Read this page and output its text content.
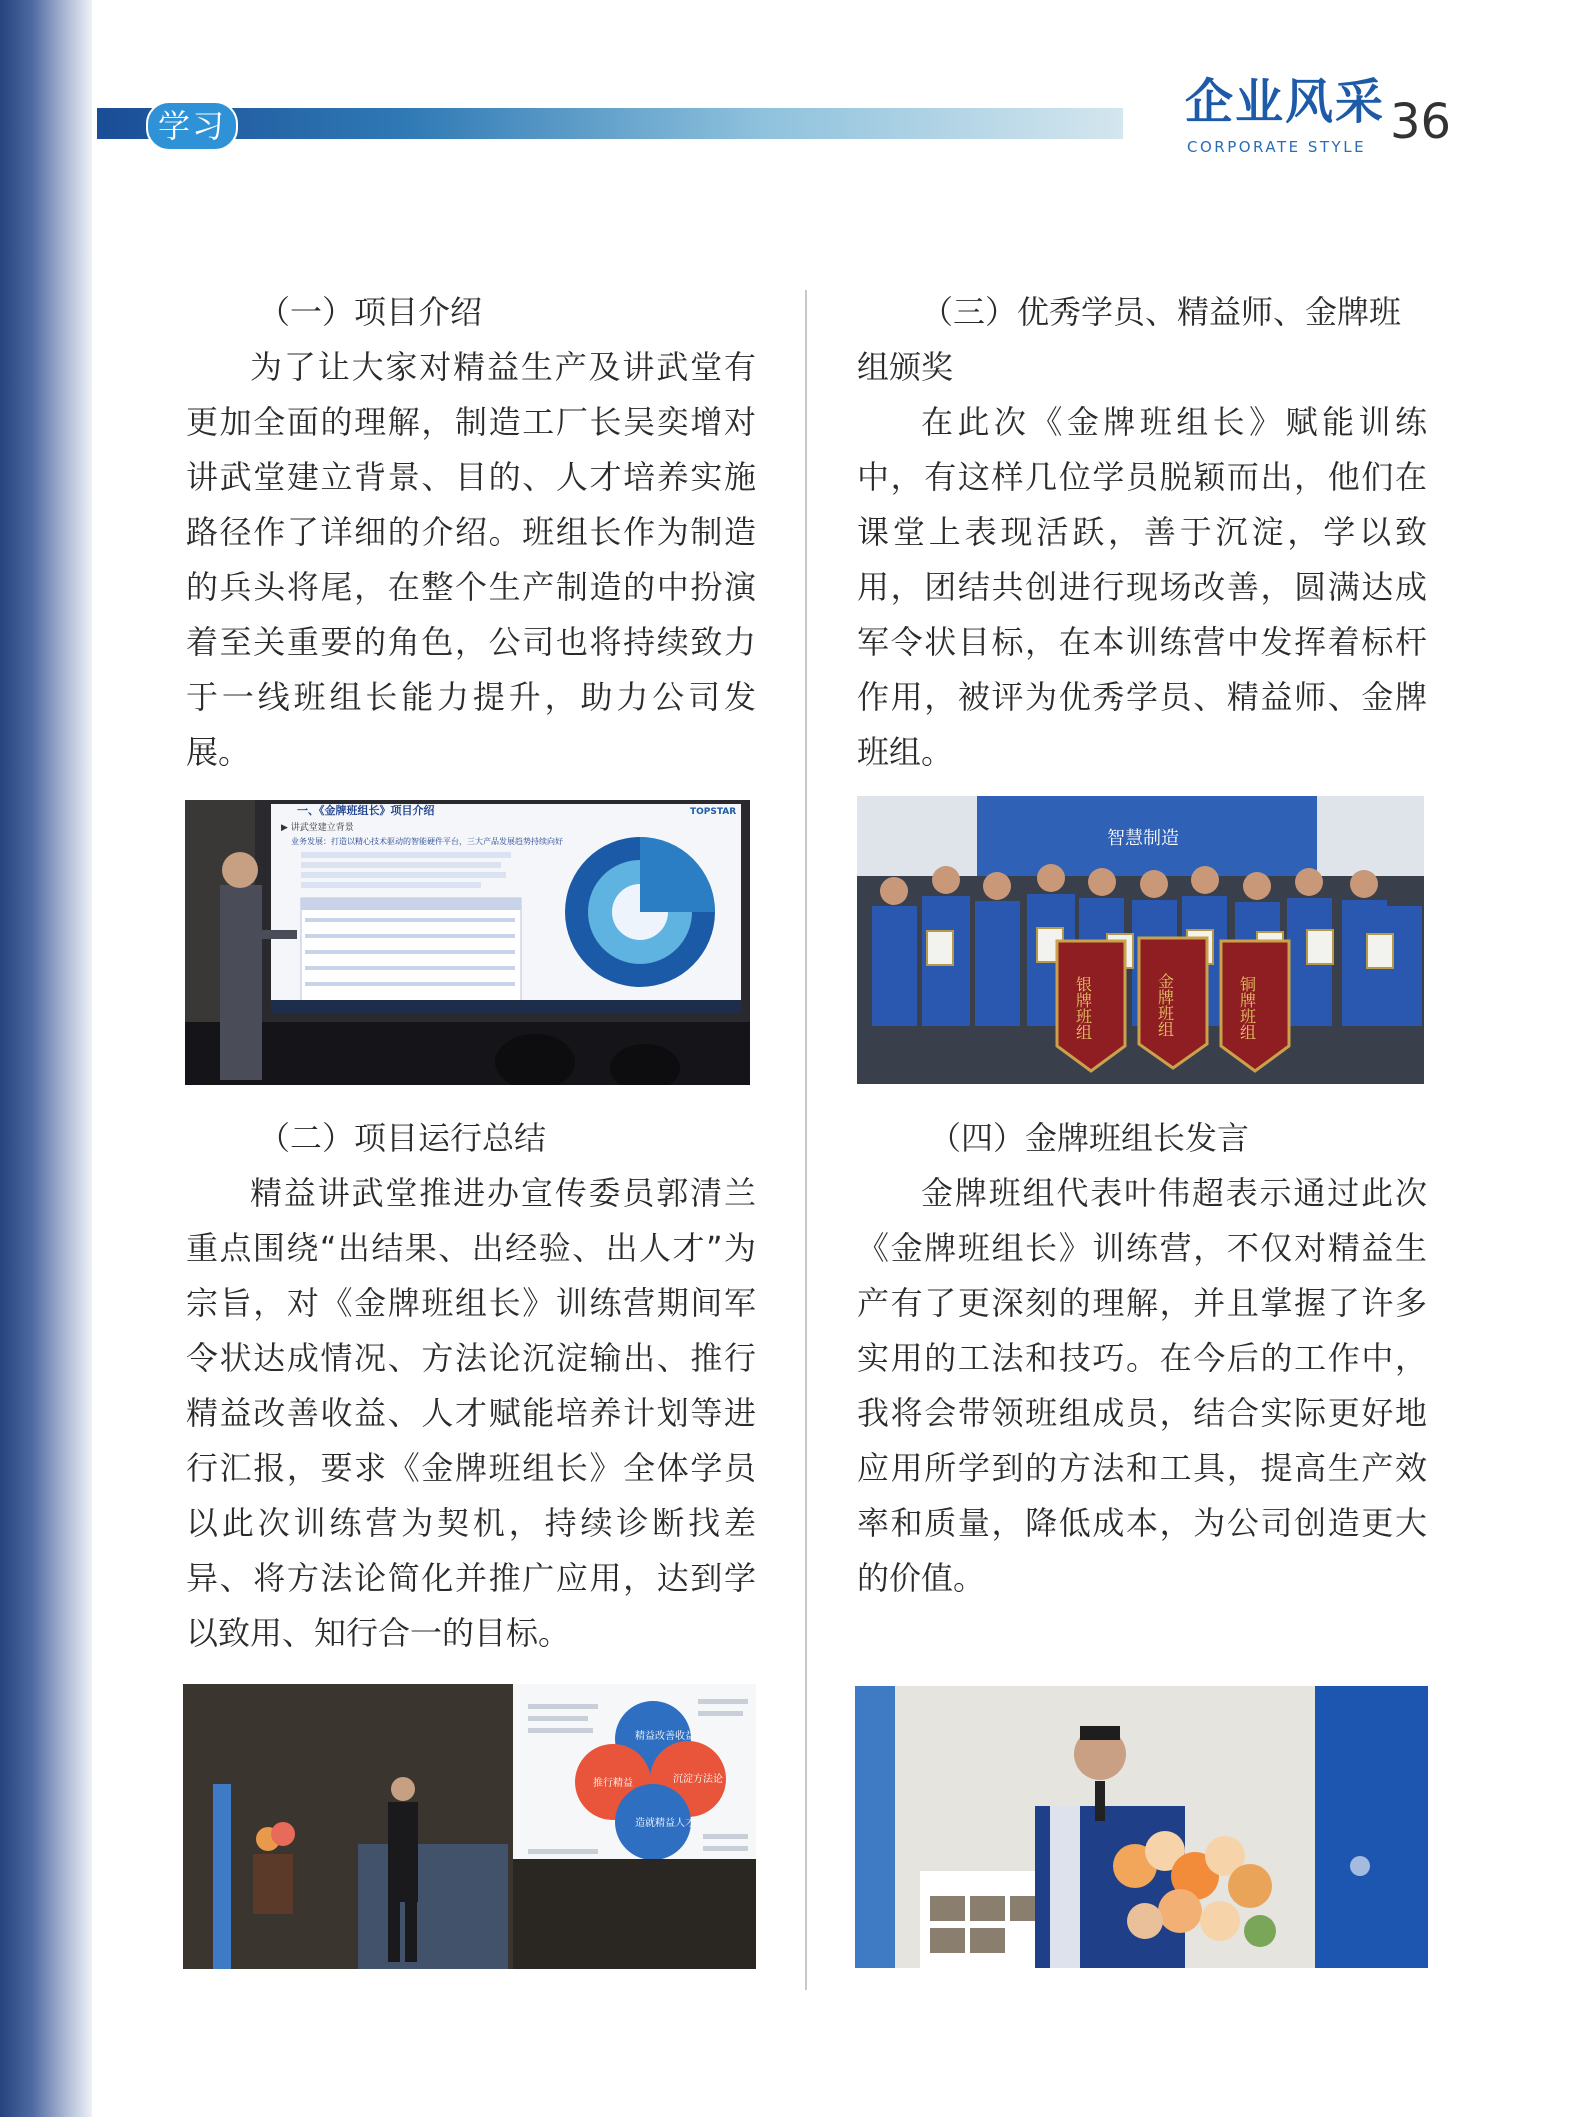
学习	企业风采
CORPORATE STYLE 36

（一）项目介绍

为了让大家对精益生产及讲武堂有更加全面的理解，制造工厂长吴奕增对讲武堂建立背景、目的、人才培养实施路径作了详细的介绍。班组长作为制造的兵头将尾，在整个生产制造的中扮演着至关重要的角色，公司也将持续致力于一线班组长能力提升，助力公司发展。

（三）优秀学员、精益师、金牌班组颁奖

在此次《金牌班组长》赋能训练中，有这样几位学员脱颖而出，他们在课堂上表现活跃，善于沉淀，学以致用，团结共创进行现场改善，圆满达成军令状目标，在本训练营中发挥着标杆作用，被评为优秀学员、精益师、金牌班组。

一、《金牌班组长》项目介绍	TOPSTAR
▶ 讲武堂建立背景
业务发展：打造以精心技术驱动的智能硬件平台，三大产品发展趋势持续向好	智慧制造
银牌班组	金牌班组	铜牌班组

（二）项目运行总结

精益讲武堂推进办宣传委员郭清兰重点围绕“出结果、出经验、出人才”为宗旨，对《金牌班组长》训练营期间军令状达成情况、方法论沉淀输出、推行精益改善收益、人才赋能培养计划等进行汇报，要求《金牌班组长》全体学员以此次训练营为契机，持续诊断找差异、将方法论简化并推广应用，达到学以致用、知行合一的目标。

（四）金牌班组长发言

金牌班组代表叶伟超表示通过此次《金牌班组长》训练营，不仅对精益生产有了更深刻的理解，并且掌握了许多实用的工法和技巧。在今后的工作中，我将会带领班组成员，结合实际更好地应用所学到的方法和工具，提高生产效率和质量，降低成本，为公司创造更大的价值。

精益改善收益
沉淀方法论
推行精益
造就精益人才
